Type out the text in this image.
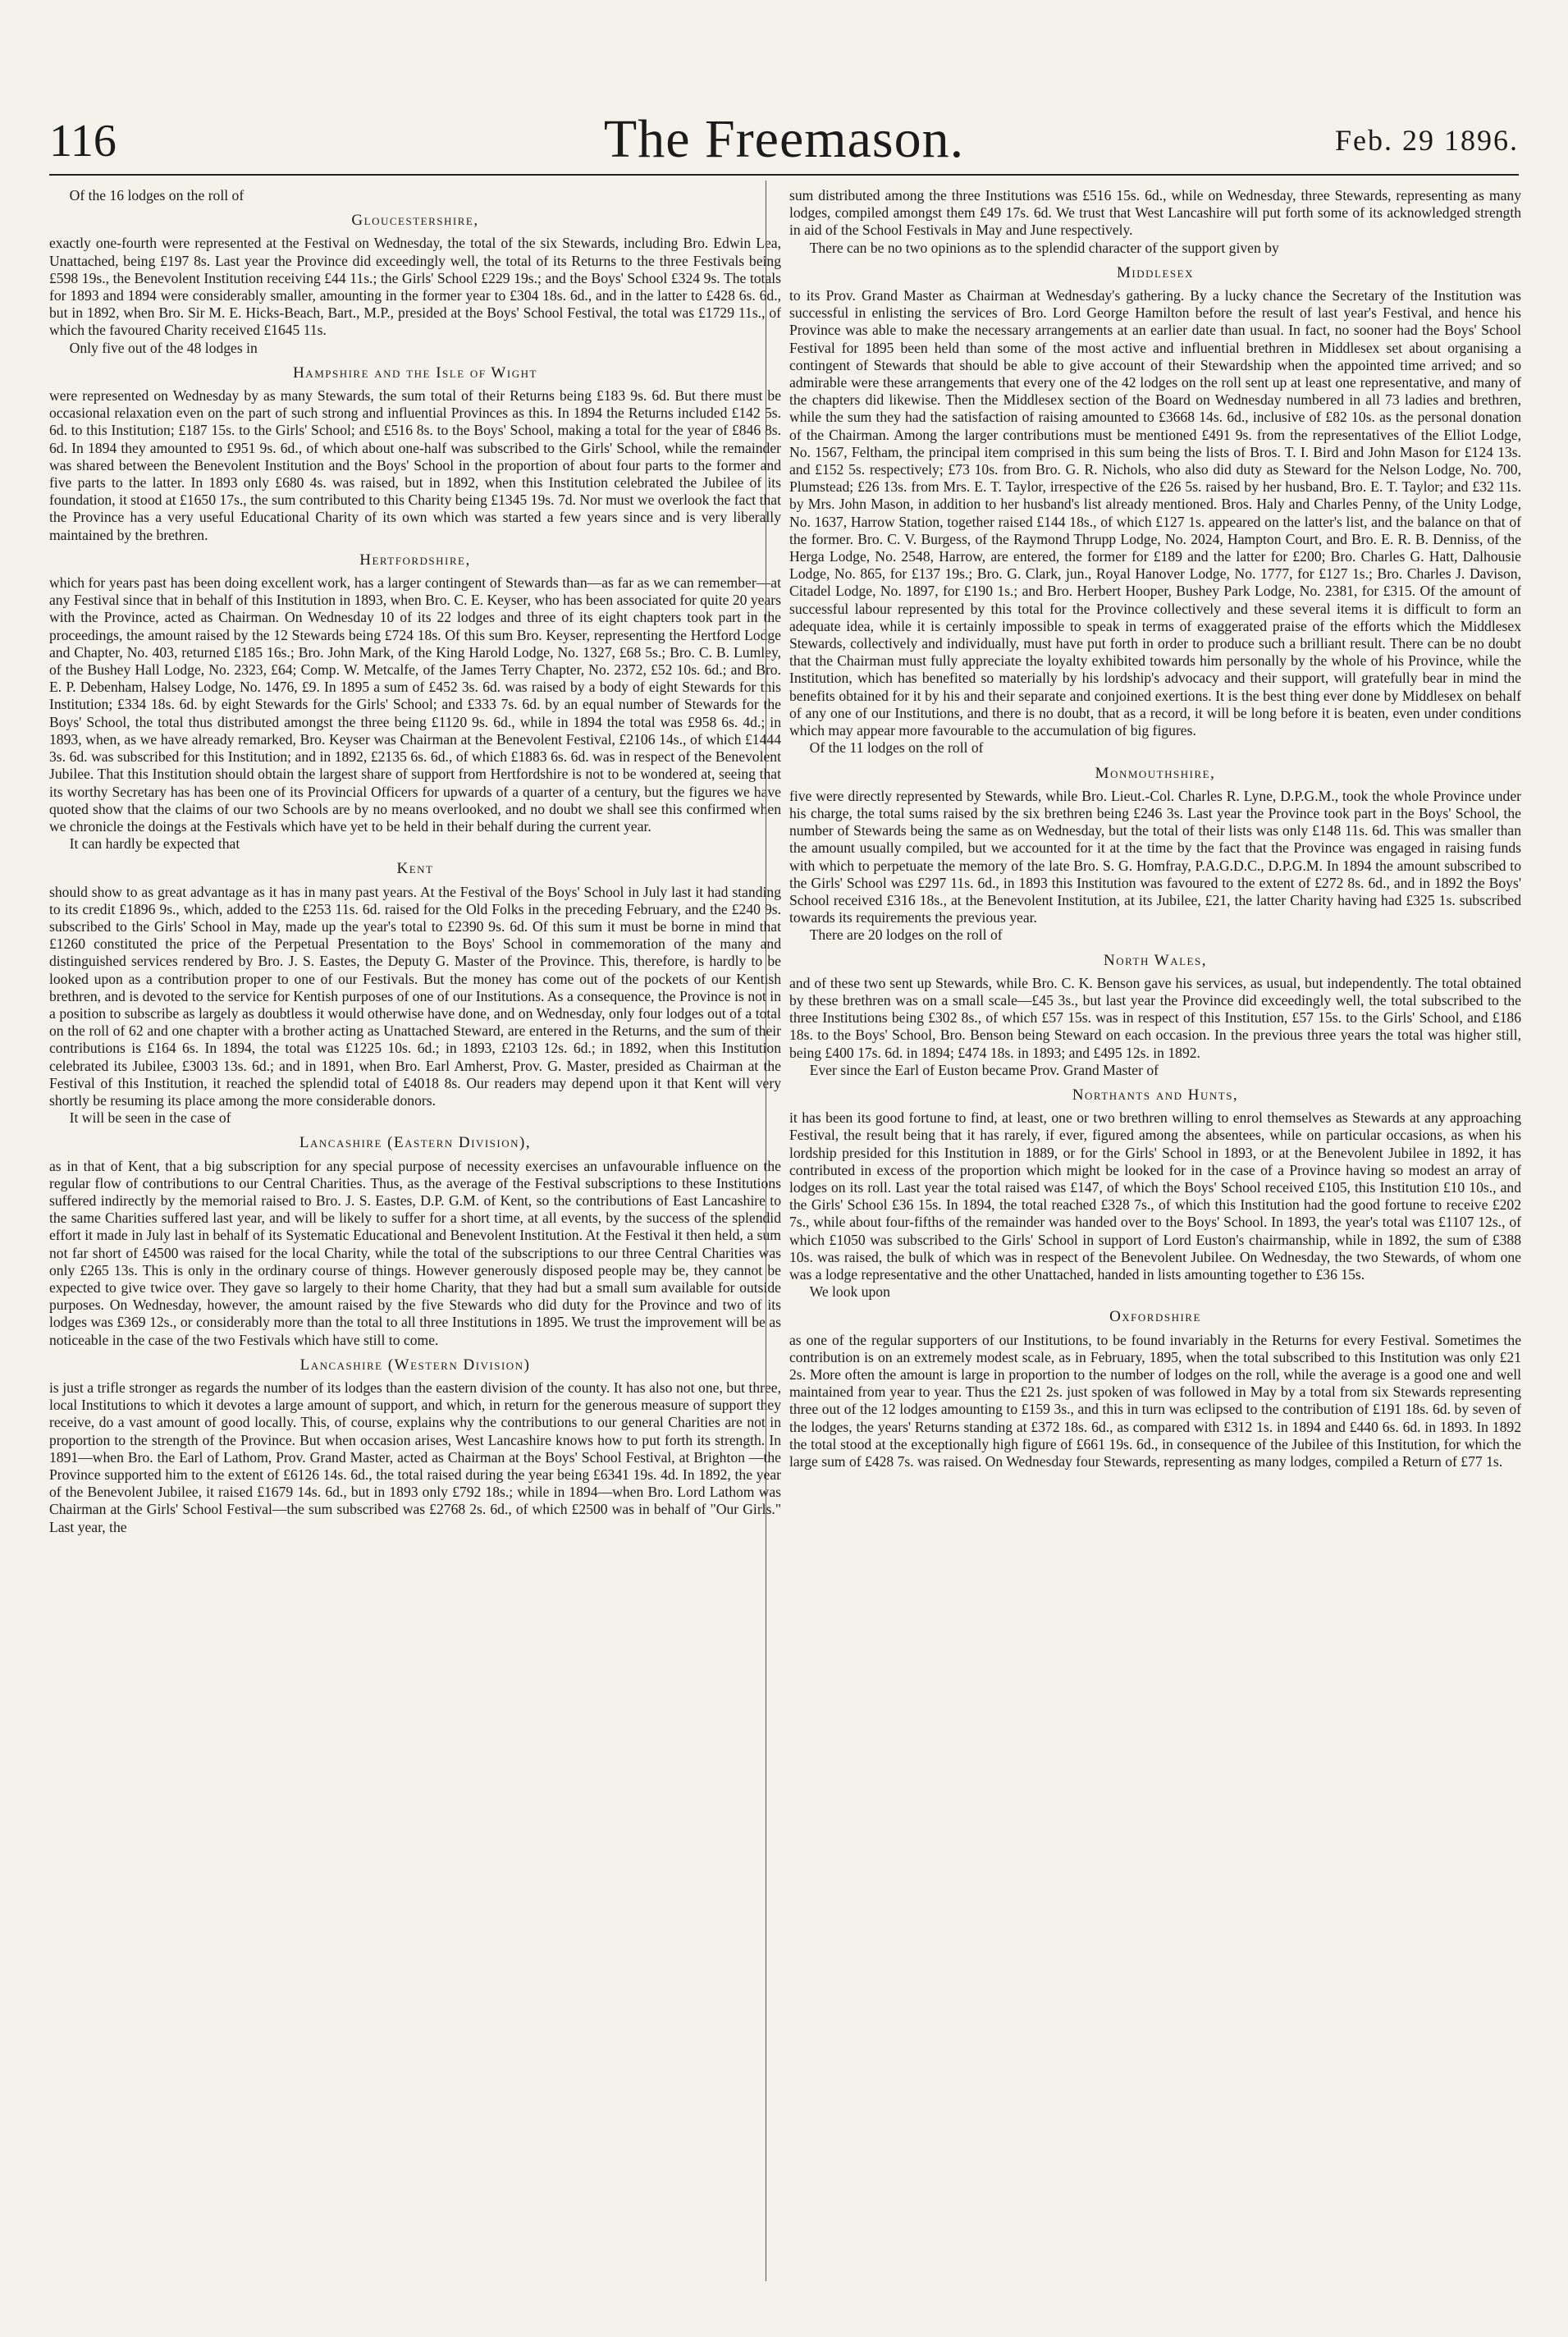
116	The Freemason.	Feb. 29 1896.

Of the 16 lodges on the roll of

Gloucestershire,

exactly one-fourth were represented at the Festival on Wednesday, the total of the six Stewards, including Bro. Edwin Lea, Unattached, being £197 8s. Last year the Province did exceedingly well, the total of its Returns to the three Festivals being £598 19s., the Benevolent Institution receiving £44 11s.; the Girls' School £229 19s.; and the Boys' School £324 9s. The totals for 1893 and 1894 were considerably smaller, amounting in the former year to £304 18s. 6d., and in the latter to £428 6s. 6d., but in 1892, when Bro. Sir M. E. Hicks-Beach, Bart., M.P., presided at the Boys' School Festival, the total was £1729 11s., of which the favoured Charity received £1645 11s.

Only five out of the 48 lodges in

Hampshire and the Isle of Wight

were represented on Wednesday by as many Stewards, the sum total of their Returns being £183 9s. 6d. But there must be occasional relaxation even on the part of such strong and influential Provinces as this. In 1894 the Returns included £142 5s. 6d. to this Institution; £187 15s. to the Girls' School; and £516 8s. to the Boys' School, making a total for the year of £846 8s. 6d. In 1894 they amounted to £951 9s. 6d., of which about one-half was subscribed to the Girls' School, while the remainder was shared between the Benevolent Institution and the Boys' School in the proportion of about four parts to the former and five parts to the latter. In 1893 only £680 4s. was raised, but in 1892, when this Institution celebrated the Jubilee of its foundation, it stood at £1650 17s., the sum contributed to this Charity being £1345 19s. 7d. Nor must we overlook the fact that the Province has a very useful Educational Charity of its own which was started a few years since and is very liberally maintained by the brethren.

Hertfordshire,

which for years past has been doing excellent work, has a larger contingent of Stewards than—as far as we can remember—at any Festival since that in behalf of this Institution in 1893, when Bro. C. E. Keyser, who has been associated for quite 20 years with the Province, acted as Chairman. On Wednesday 10 of its 22 lodges and three of its eight chapters took part in the proceedings, the amount raised by the 12 Stewards being £724 18s. Of this sum Bro. Keyser, representing the Hertford Lodge and Chapter, No. 403, returned £185 16s.; Bro. John Mark, of the King Harold Lodge, No. 1327, £68 5s.; Bro. C. B. Lumley, of the Bushey Hall Lodge, No. 2323, £64; Comp. W. Metcalfe, of the James Terry Chapter, No. 2372, £52 10s. 6d.; and Bro. E. P. Debenham, Halsey Lodge, No. 1476, £9. In 1895 a sum of £452 3s. 6d. was raised by a body of eight Stewards for this Institution; £334 18s. 6d. by eight Stewards for the Girls' School; and £333 7s. 6d. by an equal number of Stewards for the Boys' School, the total thus distributed amongst the three being £1120 9s. 6d., while in 1894 the total was £958 6s. 4d.; in 1893, when, as we have already remarked, Bro. Keyser was Chairman at the Benevolent Festival, £2106 14s., of which £1444 3s. 6d. was subscribed for this Institution; and in 1892, £2135 6s. 6d., of which £1883 6s. 6d. was in respect of the Benevolent Jubilee. That this Institution should obtain the largest share of support from Hertfordshire is not to be wondered at, seeing that its worthy Secretary has has been one of its Provincial Officers for upwards of a quarter of a century, but the figures we have quoted show that the claims of our two Schools are by no means overlooked, and no doubt we shall see this confirmed when we chronicle the doings at the Festivals which have yet to be held in their behalf during the current year.

It can hardly be expected that

Kent

should show to as great advantage as it has in many past years. At the Festival of the Boys' School in July last it had standing to its credit £1896 9s., which, added to the £253 11s. 6d. raised for the Old Folks in the preceding February, and the £240 9s. subscribed to the Girls' School in May, made up the year's total to £2390 9s. 6d. Of this sum it must be borne in mind that £1260 constituted the price of the Perpetual Presentation to the Boys' School in commemoration of the many and distinguished services rendered by Bro. J. S. Eastes, the Deputy G. Master of the Province. This, therefore, is hardly to be looked upon as a contribution proper to one of our Festivals. But the money has come out of the pockets of our Kentish brethren, and is devoted to the service for Kentish purposes of one of our Institutions. As a consequence, the Province is not in a position to subscribe as largely as doubtless it would otherwise have done, and on Wednesday, only four lodges out of a total on the roll of 62 and one chapter with a brother acting as Unattached Steward, are entered in the Returns, and the sum of their contributions is £164 6s. In 1894, the total was £1225 10s. 6d.; in 1893, £2103 12s. 6d.; in 1892, when this Institution celebrated its Jubilee, £3003 13s. 6d.; and in 1891, when Bro. Earl Amherst, Prov. G. Master, presided as Chairman at the Festival of this Institution, it reached the splendid total of £4018 8s. Our readers may depend upon it that Kent will very shortly be resuming its place among the more considerable donors.

It will be seen in the case of

Lancashire (Eastern Division),

as in that of Kent, that a big subscription for any special purpose of necessity exercises an unfavourable influence on the regular flow of contributions to our Central Charities. Thus, as the average of the Festival subscriptions to these Institutions suffered indirectly by the memorial raised to Bro. J. S. Eastes, D.P. G.M. of Kent, so the contributions of East Lancashire to the same Charities suffered last year, and will be likely to suffer for a short time, at all events, by the success of the splendid effort it made in July last in behalf of its Systematic Educational and Benevolent Institution. At the Festival it then held, a sum not far short of £4500 was raised for the local Charity, while the total of the subscriptions to our three Central Charities was only £265 13s. This is only in the ordinary course of things. However generously disposed people may be, they cannot be expected to give twice over. They gave so largely to their home Charity, that they had but a small sum available for outside purposes. On Wednesday, however, the amount raised by the five Stewards who did duty for the Province and two of its lodges was £369 12s., or considerably more than the total to all three Institutions in 1895. We trust the improvement will be as noticeable in the case of the two Festivals which have still to come.

Lancashire (Western Division)

is just a trifle stronger as regards the number of its lodges than the eastern division of the county. It has also not one, but three, local Institutions to which it devotes a large amount of support, and which, in return for the generous measure of support they receive, do a vast amount of good locally. This, of course, explains why the contributions to our general Charities are not in proportion to the strength of the Province. But when occasion arises, West Lancashire knows how to put forth its strength. In 1891—when Bro. the Earl of Lathom, Prov. Grand Master, acted as Chairman at the Boys' School Festival, at Brighton —the Province supported him to the extent of £6126 14s. 6d., the total raised during the year being £6341 19s. 4d. In 1892, the year of the Benevolent Jubilee, it raised £1679 14s. 6d., but in 1893 only £792 18s.; while in 1894—when Bro. Lord Lathom was Chairman at the Girls' School Festival—the sum subscribed was £2768 2s. 6d., of which £2500 was in behalf of "Our Girls." Last year, the

sum distributed among the three Institutions was £516 15s. 6d., while on Wednesday, three Stewards, representing as many lodges, compiled amongst them £49 17s. 6d. We trust that West Lancashire will put forth some of its acknowledged strength in aid of the School Festivals in May and June respectively.

There can be no two opinions as to the splendid character of the support given by

Middlesex

to its Prov. Grand Master as Chairman at Wednesday's gathering. By a lucky chance the Secretary of the Institution was successful in enlisting the services of Bro. Lord George Hamilton before the result of last year's Festival, and hence his Province was able to make the necessary arrangements at an earlier date than usual. In fact, no sooner had the Boys' School Festival for 1895 been held than some of the most active and influential brethren in Middlesex set about organising a contingent of Stewards that should be able to give account of their Stewardship when the appointed time arrived; and so admirable were these arrangements that every one of the 42 lodges on the roll sent up at least one representative, and many of the chapters did likewise. Then the Middlesex section of the Board on Wednesday numbered in all 73 ladies and brethren, while the sum they had the satisfaction of raising amounted to £3668 14s. 6d., inclusive of £82 10s. as the personal donation of the Chairman. Among the larger contributions must be mentioned £491 9s. from the representatives of the Elliot Lodge, No. 1567, Feltham, the principal item comprised in this sum being the lists of Bros. T. I. Bird and John Mason for £124 13s. and £152 5s. respectively; £73 10s. from Bro. G. R. Nichols, who also did duty as Steward for the Nelson Lodge, No. 700, Plumstead; £26 13s. from Mrs. E. T. Taylor, irrespective of the £26 5s. raised by her husband, Bro. E. T. Taylor; and £32 11s. by Mrs. John Mason, in addition to her husband's list already mentioned. Bros. Haly and Charles Penny, of the Unity Lodge, No. 1637, Harrow Station, together raised £144 18s., of which £127 1s. appeared on the latter's list, and the balance on that of the former. Bro. C. V. Burgess, of the Raymond Thrupp Lodge, No. 2024, Hampton Court, and Bro. E. R. B. Denniss, of the Herga Lodge, No. 2548, Harrow, are entered, the former for £189 and the latter for £200; Bro. Charles G. Hatt, Dalhousie Lodge, No. 865, for £137 19s.; Bro. G. Clark, jun., Royal Hanover Lodge, No. 1777, for £127 1s.; Bro. Charles J. Davison, Citadel Lodge, No. 1897, for £190 1s.; and Bro. Herbert Hooper, Bushey Park Lodge, No. 2381, for £315. Of the amount of successful labour represented by this total for the Province collectively and these several items it is difficult to form an adequate idea, while it is certainly impossible to speak in terms of exaggerated praise of the efforts which the Middlesex Stewards, collectively and individually, must have put forth in order to produce such a brilliant result. There can be no doubt that the Chairman must fully appreciate the loyalty exhibited towards him personally by the whole of his Province, while the Institution, which has benefited so materially by his lordship's advocacy and their support, will gratefully bear in mind the benefits obtained for it by his and their separate and conjoined exertions. It is the best thing ever done by Middlesex on behalf of any one of our Institutions, and there is no doubt, that as a record, it will be long before it is beaten, even under conditions which may appear more favourable to the accumulation of big figures.

Of the 11 lodges on the roll of

Monmouthshire,

five were directly represented by Stewards, while Bro. Lieut.-Col. Charles R. Lyne, D.P.G.M., took the whole Province under his charge, the total sums raised by the six brethren being £246 3s. Last year the Province took part in the Boys' School, the number of Stewards being the same as on Wednesday, but the total of their lists was only £148 11s. 6d. This was smaller than the amount usually compiled, but we accounted for it at the time by the fact that the Province was engaged in raising funds with which to perpetuate the memory of the late Bro. S. G. Homfray, P.A.G.D.C., D.P.G.M. In 1894 the amount subscribed to the Girls' School was £297 11s. 6d., in 1893 this Institution was favoured to the extent of £272 8s. 6d., and in 1892 the Boys' School received £316 18s., at the Benevolent Institution, at its Jubilee, £21, the latter Charity having had £325 1s. subscribed towards its requirements the previous year.

There are 20 lodges on the roll of

North Wales,

and of these two sent up Stewards, while Bro. C. K. Benson gave his services, as usual, but independently. The total obtained by these brethren was on a small scale—£45 3s., but last year the Province did exceedingly well, the total subscribed to the three Institutions being £302 8s., of which £57 15s. was in respect of this Institution, £57 15s. to the Girls' School, and £186 18s. to the Boys' School, Bro. Benson being Steward on each occasion. In the previous three years the total was higher still, being £400 17s. 6d. in 1894; £474 18s. in 1893; and £495 12s. in 1892.

Ever since the Earl of Euston became Prov. Grand Master of

Northants and Hunts,

it has been its good fortune to find, at least, one or two brethren willing to enrol themselves as Stewards at any approaching Festival, the result being that it has rarely, if ever, figured among the absentees, while on particular occasions, as when his lordship presided for this Institution in 1889, or for the Girls' School in 1893, or at the Benevolent Jubilee in 1892, it has contributed in excess of the proportion which might be looked for in the case of a Province having so modest an array of lodges on its roll. Last year the total raised was £147, of which the Boys' School received £105, this Institution £10 10s., and the Girls' School £36 15s. In 1894, the total reached £328 7s., of which this Institution had the good fortune to receive £202 7s., while about four-fifths of the remainder was handed over to the Boys' School. In 1893, the year's total was £1107 12s., of which £1050 was subscribed to the Girls' School in support of Lord Euston's chairmanship, while in 1892, the sum of £388 10s. was raised, the bulk of which was in respect of the Benevolent Jubilee. On Wednesday, the two Stewards, of whom one was a lodge representative and the other Unattached, handed in lists amounting together to £36 15s.

We look upon

Oxfordshire

as one of the regular supporters of our Institutions, to be found invariably in the Returns for every Festival. Sometimes the contribution is on an extremely modest scale, as in February, 1895, when the total subscribed to this Institution was only £21 2s. More often the amount is large in proportion to the number of lodges on the roll, while the average is a good one and well maintained from year to year. Thus the £21 2s. just spoken of was followed in May by a total from six Stewards representing three out of the 12 lodges amounting to £159 3s., and this in turn was eclipsed to the contribution of £191 18s. 6d. by seven of the lodges, the years' Returns standing at £372 18s. 6d., as compared with £312 1s. in 1894 and £440 6s. 6d. in 1893. In 1892 the total stood at the exceptionally high figure of £661 19s. 6d., in consequence of the Jubilee of this Institution, for which the large sum of £428 7s. was raised. On Wednesday four Stewards, representing as many lodges, compiled a Return of £77 1s.
